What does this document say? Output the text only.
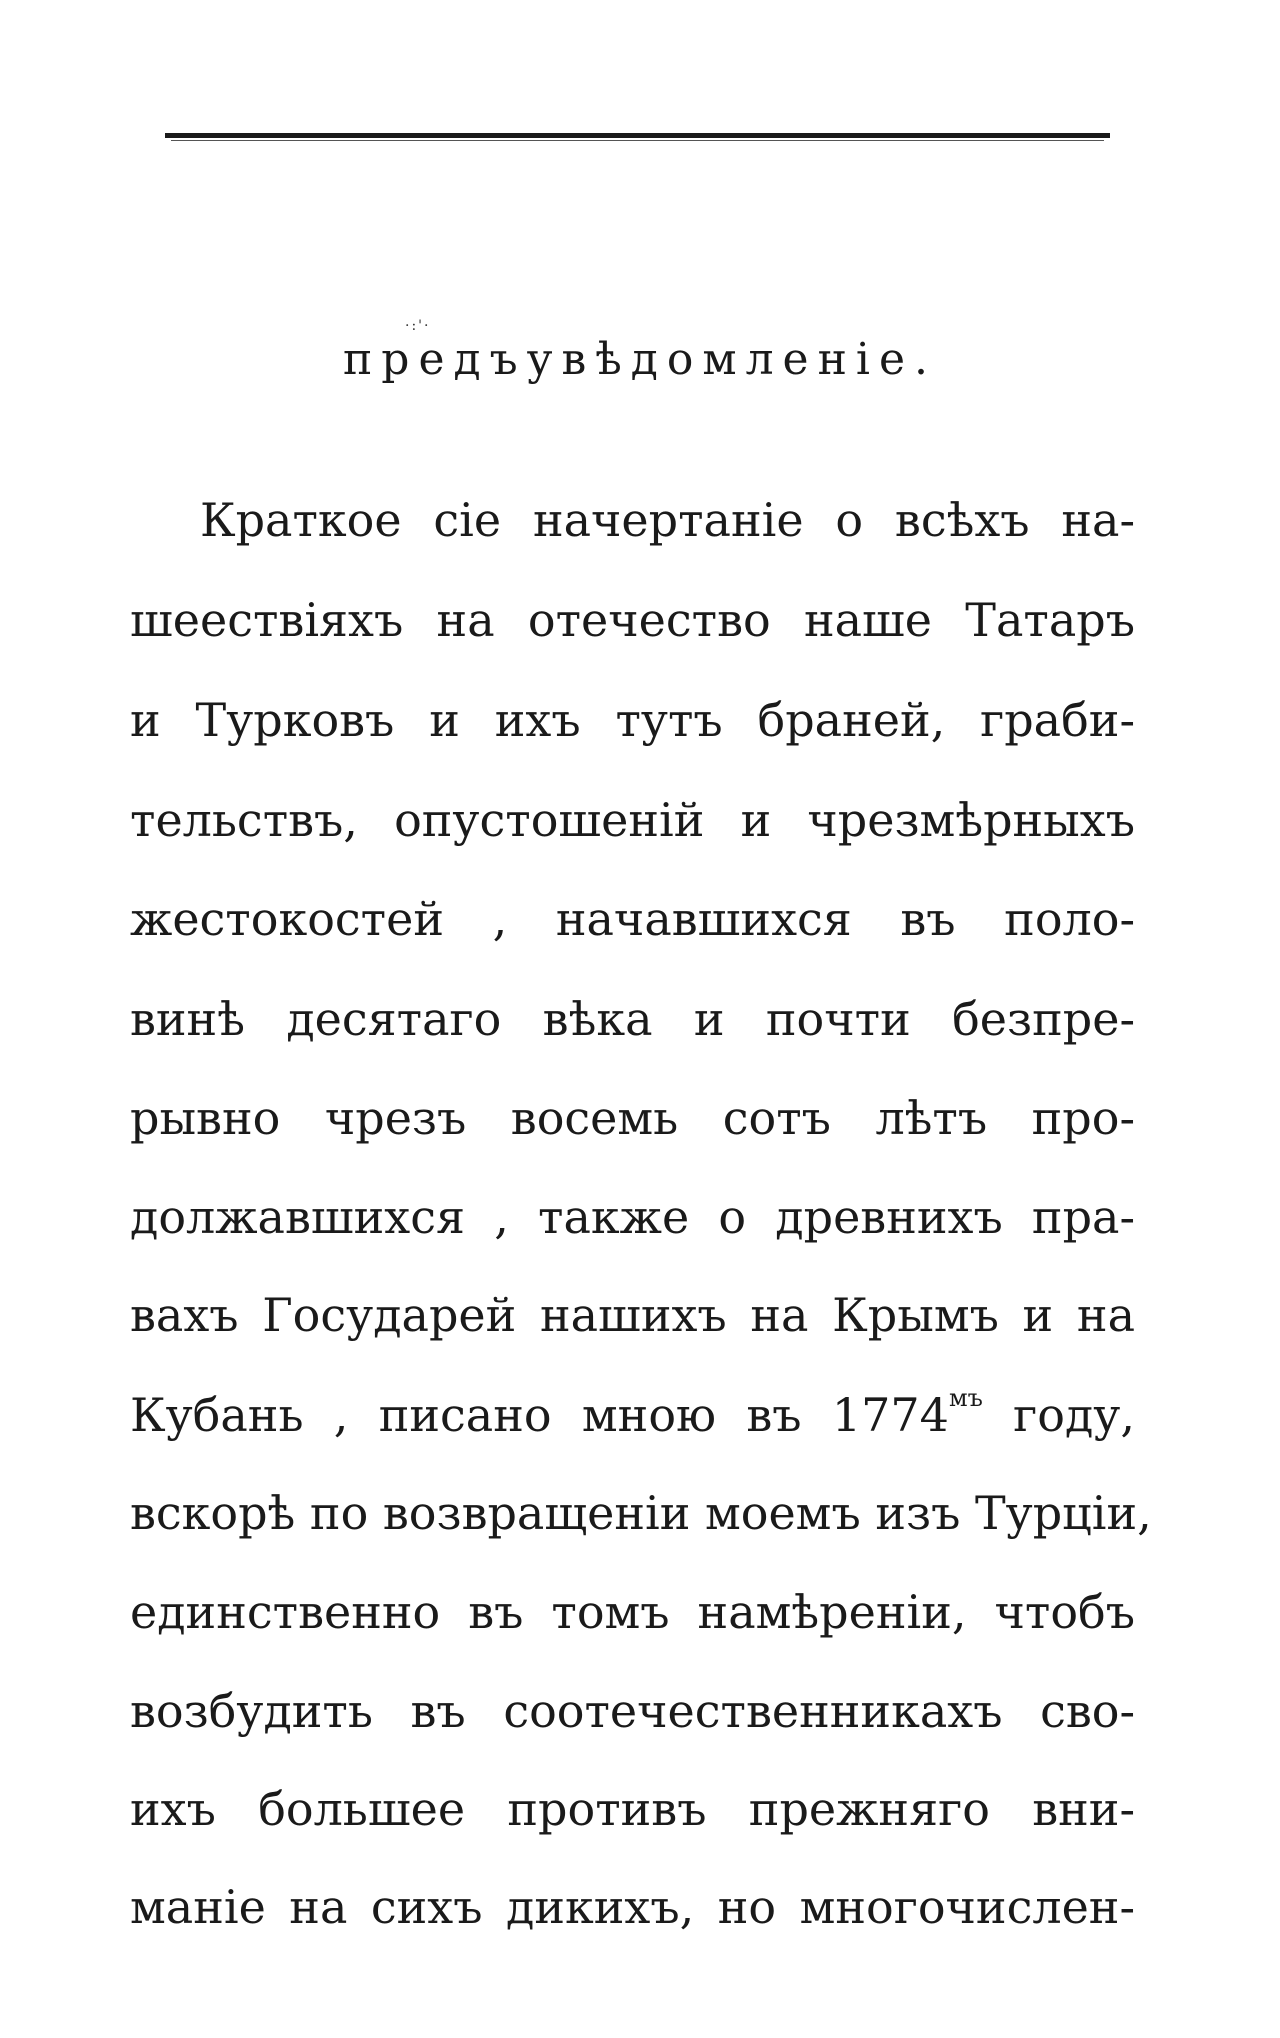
·:'·
предъувѣдомленiе.
Краткое сiе начертанiе о всѣхъ на-
шеествiяхъ на отечество наше Татаръ
и Турковъ и ихъ тутъ браней, граби-
тельствъ, опустошенiй и чрезмѣрныхъ
жестокостей , начавшихся въ поло-
винѣ десятаго вѣка и почти безпре-
рывно чрезъ восемь сотъ лѣтъ про-
должавшихся , также о древнихъ пра-
вахъ Государей нашихъ на Крымъ и на
Кубань , писано мною въ $1774^{мъ}$ году,
вскорѣ по возвращенiи моемъ изъ Турцiи,
единственно въ томъ намѣренiи, чтобъ
возбудить въ соотечественникахъ сво-
ихъ большее противъ прежняго вни-
манiе на сихъ дикихъ, но многочислен-
